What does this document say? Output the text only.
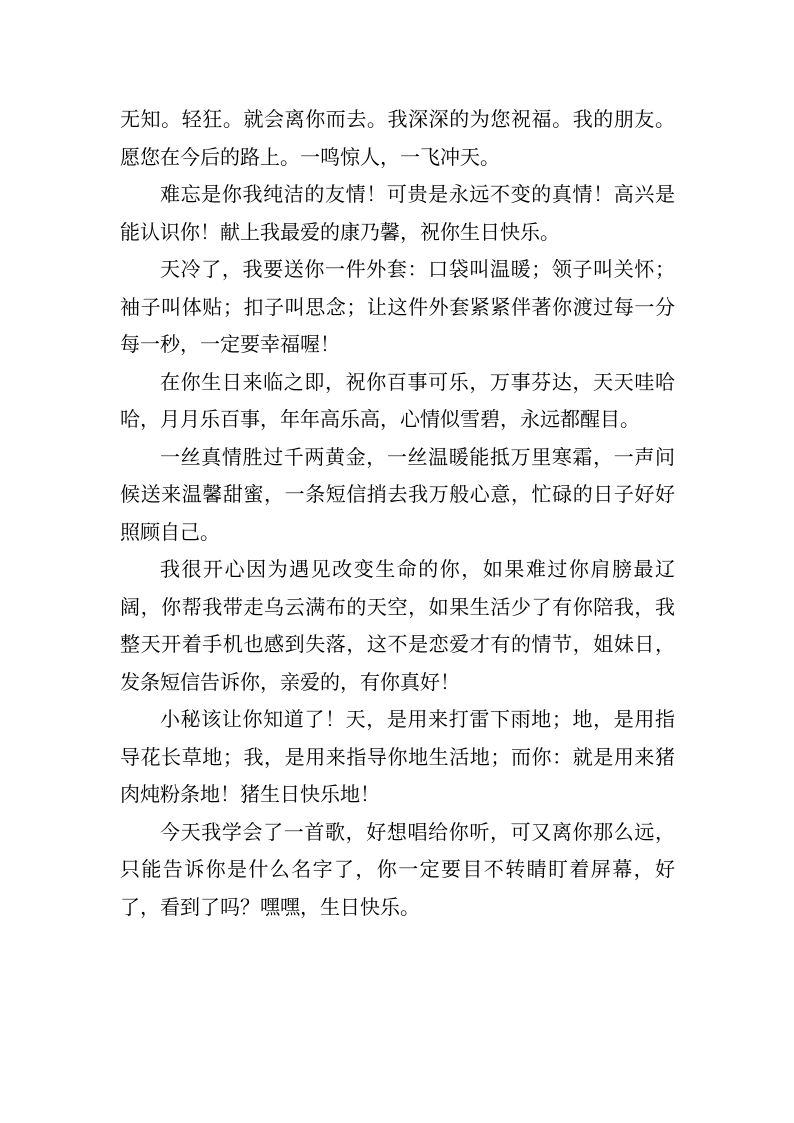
无知。轻狂。就会离你而去。我深深的为您祝福。我的朋友。愿您在今后的路上。一鸣惊人，一飞冲天。

难忘是你我纯洁的友情！可贵是永远不变的真情！高兴是能认识你！献上我最爱的康乃馨，祝你生日快乐。

天冷了，我要送你一件外套：口袋叫温暖；领子叫关怀；袖子叫体贴；扣子叫思念；让这件外套紧紧伴著你渡过每一分每一秒，一定要幸福喔！

在你生日来临之即，祝你百事可乐，万事芬达，天天哇哈哈，月月乐百事，年年高乐高，心情似雪碧，永远都醒目。

一丝真情胜过千两黄金，一丝温暖能抵万里寒霜，一声问候送来温馨甜蜜，一条短信捎去我万般心意，忙碌的日子好好照顾自己。

我很开心因为遇见改变生命的你，如果难过你肩膀最辽阔，你帮我带走乌云满布的天空，如果生活少了有你陪我，我整天开着手机也感到失落，这不是恋爱才有的情节，姐妹日，发条短信告诉你，亲爱的，有你真好！

小秘该让你知道了！天，是用来打雷下雨地；地，是用指导花长草地；我，是用来指导你地生活地；而你：就是用来猪肉炖粉条地！猪生日快乐地！

今天我学会了一首歌，好想唱给你听，可又离你那么远，只能告诉你是什么名字了，你一定要目不转睛盯着屏幕，好了，看到了吗？嘿嘿，生日快乐。
